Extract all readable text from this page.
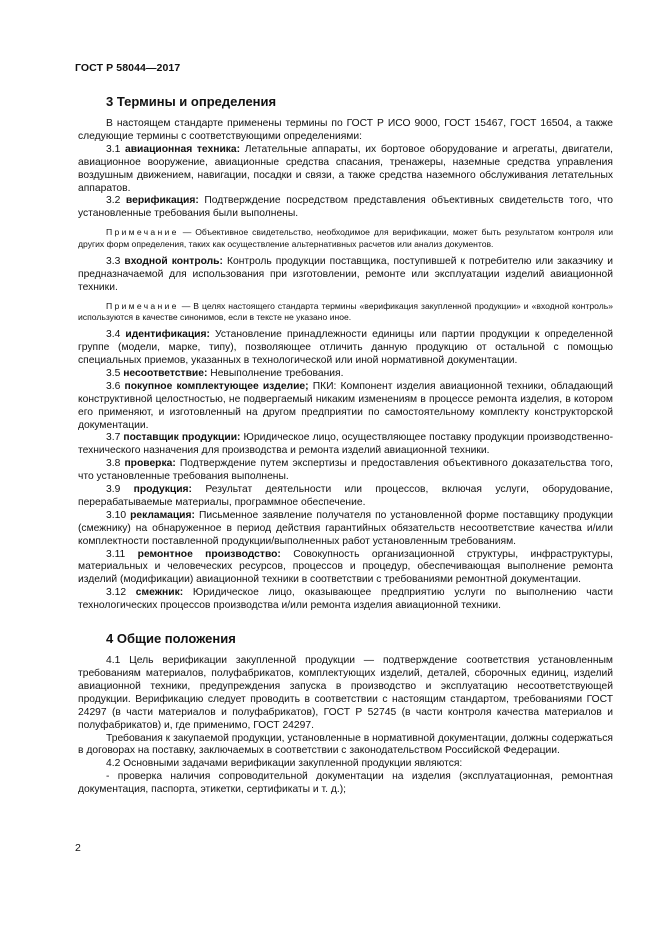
ГОСТ Р 58044—2017
3 Термины и определения

В настоящем стандарте применены термины по ГОСТ Р ИСО 9000, ГОСТ 15467, ГОСТ 16504, а также следующие термины с соответствующими определениями:

3.1 авиационная техника: Летательные аппараты, их бортовое оборудование и агрегаты, двигатели, авиационное вооружение, авиационные средства спасания, тренажеры, наземные средства управления воздушным движением, навигации, посадки и связи, а также средства наземного обслуживания летательных аппаратов.

3.2 верификация: Подтверждение посредством представления объективных свидетельств того, что установленные требования были выполнены.

Примечание — Объективное свидетельство, необходимое для верификации, может быть результатом контроля или других форм определения, таких как осуществление альтернативных расчетов или анализ документов.

3.3 входной контроль: Контроль продукции поставщика, поступившей к потребителю или заказчику и предназначаемой для использования при изготовлении, ремонте или эксплуатации изделий авиационной техники.

Примечание — В целях настоящего стандарта термины «верификация закупленной продукции» и «входной контроль» используются в качестве синонимов, если в тексте не указано иное.

3.4 идентификация: Установление принадлежности единицы или партии продукции к определенной группе (модели, марке, типу), позволяющее отличить данную продукцию от остальной с помощью специальных приемов, указанных в технологической или иной нормативной документации.

3.5 несоответствие: Невыполнение требования.

3.6 покупное комплектующее изделие; ПКИ: Компонент изделия авиационной техники, обладающий конструктивной целостностью, не подвергаемый никаким изменениям в процессе ремонта изделия, в котором его применяют, и изготовленный на другом предприятии по самостоятельному комплекту конструкторской документации.

3.7 поставщик продукции: Юридическое лицо, осуществляющее поставку продукции производственно-технического назначения для производства и ремонта изделий авиационной техники.

3.8 проверка: Подтверждение путем экспертизы и предоставления объективного доказательства того, что установленные требования выполнены.

3.9 продукция: Результат деятельности или процессов, включая услуги, оборудование, перерабатываемые материалы, программное обеспечение.

3.10 рекламация: Письменное заявление получателя по установленной форме поставщику продукции (смежнику) на обнаруженное в период действия гарантийных обязательств несоответствие качества и/или комплектности поставленной продукции/выполненных работ установленным требованиям.

3.11 ремонтное производство: Совокупность организационной структуры, инфраструктуры, материальных и человеческих ресурсов, процессов и процедур, обеспечивающая выполнение ремонта изделий (модификации) авиационной техники в соответствии с требованиями ремонтной документации.

3.12 смежник: Юридическое лицо, оказывающее предприятию услуги по выполнению части технологических процессов производства и/или ремонта изделия авиационной техники.

4 Общие положения

4.1 Цель верификации закупленной продукции — подтверждение соответствия установленным требованиям материалов, полуфабрикатов, комплектующих изделий, деталей, сборочных единиц, изделий авиационной техники, предупреждения запуска в производство и эксплуатацию несоответствующей продукции. Верификацию следует проводить в соответствии с настоящим стандартом, требованиями ГОСТ 24297 (в части материалов и полуфабрикатов), ГОСТ Р 52745 (в части контроля качества материалов и полуфабрикатов) и, где применимо, ГОСТ 24297.

Требования к закупаемой продукции, установленные в нормативной документации, должны содержаться в договорах на поставку, заключаемых в соответствии с законодательством Российской Федерации.

4.2 Основными задачами верификации закупленной продукции являются:

- проверка наличия сопроводительной документации на изделия (эксплуатационная, ремонтная документация, паспорта, этикетки, сертификаты и т. д.);

2
